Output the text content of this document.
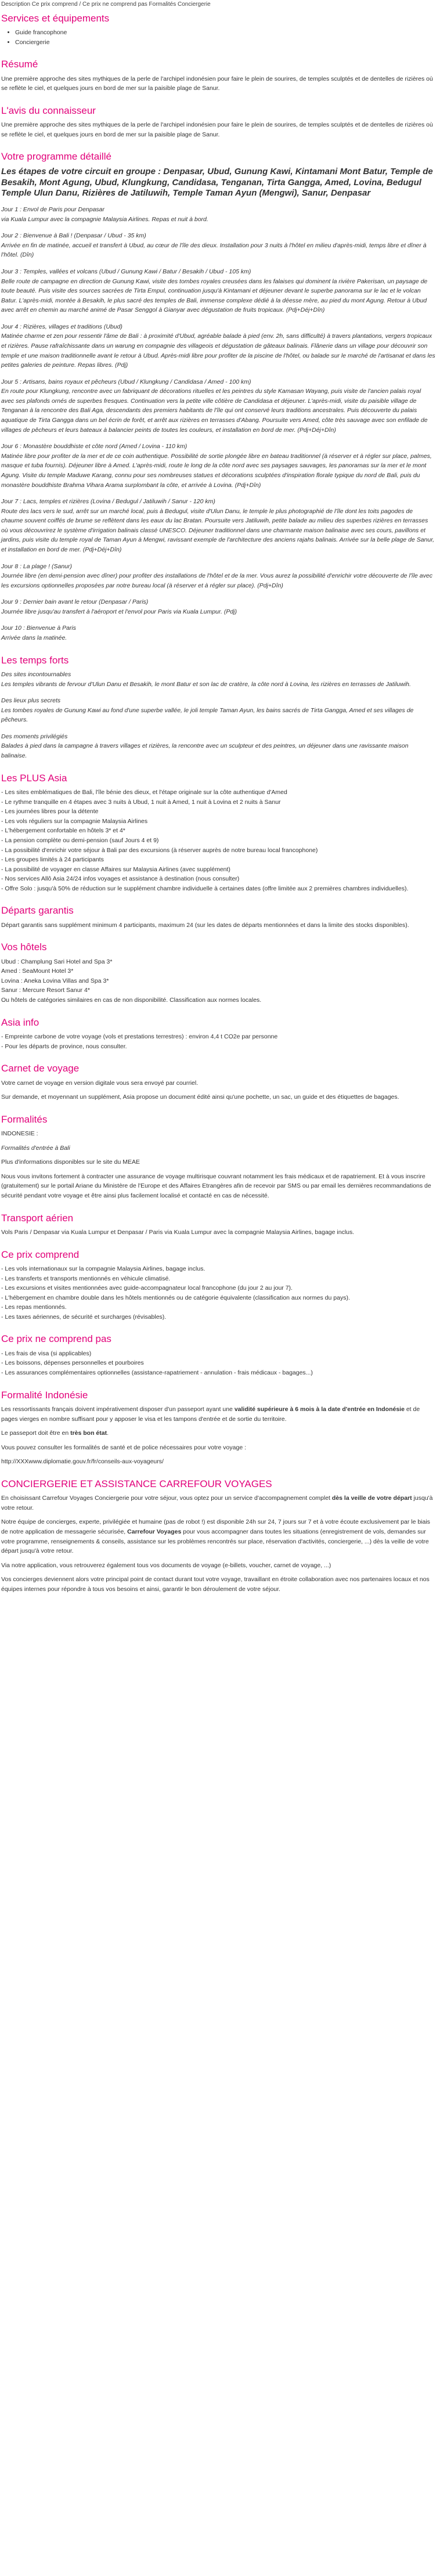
Description Ce prix comprend / Ce prix ne comprend pas Formalités Conciergerie
Services et équipements
• Guide francophone
• Conciergerie
Résumé

Une première approche des sites mythiques de la perle de l'archipel indonésien pour faire le plein de sourires, de temples sculptés et de dentelles de rizières où se reflète le ciel, et quelques jours en bord de mer sur la paisible plage de Sanur.

L'avis du connaisseur

Une première approche des sites mythiques de la perle de l'archipel indonésien pour faire le plein de sourires, de temples sculptés et de dentelles de rizières où se reflète le ciel, et quelques jours en bord de mer sur la paisible plage de Sanur.

Votre programme détaillé
Les étapes de votre circuit en groupe : Denpasar, Ubud, Gunung Kawi, Kintamani Mont Batur, Temple de Besakih, Mont Agung, Ubud, Klungkung, Candidasa, Tenganan, Tirta Gangga, Amed, Lovina, Bedugul Temple Ulun Danu, Rizières de Jatiluwih, Temple Taman Ayun (Mengwi), Sanur, Denpasar
Jour 1 : Envol de Paris pour Denpasar
via Kuala Lumpur avec la compagnie Malaysia Airlines. Repas et nuit à bord.
Jour 2 : Bienvenue à Bali ! (Denpasar / Ubud - 35 km)
Arrivée en fin de matinée, accueil et transfert à Ubud, au cœur de l'île des dieux. Installation pour 3 nuits à l'hôtel en milieu d'après-midi, temps libre et dîner à l'hôtel. (Dîn)
Jour 3 : Temples, vallées et volcans (Ubud / Gunung Kawi / Batur / Besakih / Ubud - 105 km)
Belle route de campagne en direction de Gunung Kawi, visite des tombes royales creusées dans les falaises qui dominent la rivière Pakerisan, un paysage de toute beauté. Puis visite des sources sacrées de Tirta Empul, continuation jusqu'à Kintamani et déjeuner devant le superbe panorama sur le lac et le volcan Batur. L'après-midi, montée à Besakih, le plus sacré des temples de Bali, immense complexe dédié à la déesse mère, au pied du mont Agung. Retour à Ubud avec arrêt en chemin au marché animé de Pasar Senggol à Gianyar avec dégustation de fruits tropicaux. (Pdj+Déj+Dîn)
Jour 4 : Rizières, villages et traditions (Ubud)
Matinée charme et zen pour ressentir l'âme de Bali : à proximité d'Ubud, agréable balade à pied (env. 2h, sans difficulté) à travers plantations, vergers tropicaux et rizières. Pause rafraîchissante dans un warung en compagnie des villageois et dégustation de gâteaux balinais. Flânerie dans un village pour découvrir son temple et une maison traditionnelle avant le retour à Ubud. Après-midi libre pour profiter de la piscine de l'hôtel, ou balade sur le marché de l'artisanat et dans les petites galeries de peinture. Repas libres. (Pdj)
Jour 5 : Artisans, bains royaux et pêcheurs (Ubud / Klungkung / Candidasa / Amed - 100 km)
En route pour Klungkung, rencontre avec un fabriquant de décorations rituelles et les peintres du style Kamasan Wayang, puis visite de l'ancien palais royal avec ses plafonds ornés de superbes fresques. Continuation vers la petite ville côtière de Candidasa et déjeuner. L'après-midi, visite du paisible village de Tenganan à la rencontre des Bali Aga, descendants des premiers habitants de l'île qui ont conservé leurs traditions ancestrales. Puis découverte du palais aquatique de Tirta Gangga dans un bel écrin de forêt, et arrêt aux rizières en terrasses d'Abang. Poursuite vers Amed, côte très sauvage avec son enfilade de villages de pêcheurs et leurs bateaux à balancier peints de toutes les couleurs, et installation en bord de mer. (Pdj+Déj+Dîn)
Jour 6 : Monastère bouddhiste et côte nord (Amed / Lovina - 110 km)
Matinée libre pour profiter de la mer et de ce coin authentique. Possibilité de sortie plongée libre en bateau traditionnel (à réserver et à régler sur place, palmes, masque et tuba fournis). Déjeuner libre à Amed. L'après-midi, route le long de la côte nord avec ses paysages sauvages, les panoramas sur la mer et le mont Agung. Visite du temple Maduwe Karang, connu pour ses nombreuses statues et décorations sculptées d'inspiration florale typique du nord de Bali, puis du monastère bouddhiste Brahma Vihara Arama surplombant la côte, et arrivée à Lovina. (Pdj+Dîn)
Jour 7 : Lacs, temples et rizières (Lovina / Bedugul / Jatiluwih / Sanur - 120 km)
Route des lacs vers le sud, arrêt sur un marché local, puis à Bedugul, visite d'Ulun Danu, le temple le plus photographié de l'île dont les toits pagodes de chaume souvent coiffés de brume se reflètent dans les eaux du lac Bratan. Poursuite vers Jatiluwih, petite balade au milieu des superbes rizières en terrasses où vous découvrirez le système d'irrigation balinais classé UNESCO. Déjeuner traditionnel dans une charmante maison balinaise avec ses cours, pavillons et jardins, puis visite du temple royal de Taman Ayun à Mengwi, ravissant exemple de l'architecture des anciens rajahs balinais. Arrivée sur la belle plage de Sanur, et installation en bord de mer. (Pdj+Déj+Dîn)
Jour 8 : La plage ! (Sanur)
Journée libre (en demi-pension avec dîner) pour profiter des installations de l'hôtel et de la mer. Vous aurez la possibilité d'enrichir votre découverte de l'île avec les excursions optionnelles proposées par notre bureau local (à réserver et à régler sur place). (Pdj+Dîn)
Jour 9 : Dernier bain avant le retour (Denpasar / Paris)
Journée libre jusqu'au transfert à l'aéroport et l'envol pour Paris via Kuala Lumpur. (Pdj)
Jour 10 : Bienvenue à Paris
Arrivée dans la matinée.
Les temps forts
Des sites incontournables
Les temples vibrants de fervour d'Ulun Danu et Besakih, le mont Batur et son lac de cratère, la côte nord à Lovina, les rizières en terrasses de Jatiluwih.
Des lieux plus secrets
Les tombes royales de Gunung Kawi au fond d'une superbe vallée, le joli temple Taman Ayun, les bains sacrés de Tirta Gangga, Amed et ses villages de pêcheurs.
Des moments privilégiés
Balades à pied dans la campagne à travers villages et rizières, la rencontre avec un sculpteur et des peintres, un déjeuner dans une ravissante maison balinaise.
Les PLUS Asia
- Les sites emblématiques de Bali, l'île bénie des dieux, et l'étape originale sur la côte authentique d'Amed
- Le rythme tranquille en 4 étapes avec 3 nuits à Ubud, 1 nuit à Amed, 1 nuit à Lovina et 2 nuits à Sanur
- Les journées libres pour la détente
- Les vols réguliers sur la compagnie Malaysia Airlines
- L'hébergement confortable en hôtels 3* et 4*
- La pension complète ou demi-pension (sauf Jours 4 et 9)
- La possibilité d'enrichir votre séjour à Bali par des excursions (à réserver auprès de notre bureau local francophone)
- Les groupes limités à 24 participants
- La possibilité de voyager en classe Affaires sur Malaysia Airlines (avec supplément)
- Nos services Allô Asia 24/24 infos voyages et assistance à destination (nous consulter)
- Offre Solo : jusqu'à 50% de réduction sur le supplément chambre individuelle à certaines dates (offre limitée aux 2 premières chambres individuelles).
Départs garantis

Départ garantis sans supplément minimum 4 participants, maximum 24 (sur les dates de départs mentionnées et dans la limite des stocks disponibles).

Vos hôtels
Ubud : Champlung Sari Hotel and Spa 3*
Amed : SeaMount Hotel 3*
Lovina : Aneka Lovina Villas and Spa 3*
Sanur : Mercure Resort Sanur 4*
Ou hôtels de catégories similaires en cas de non disponibilité. Classification aux normes locales.
Asia info
- Empreinte carbone de votre voyage (vols et prestations terrestres) : environ 4,4 t CO2e par personne
- Pour les départs de province, nous consulter.
Carnet de voyage

Votre carnet de voyage en version digitale vous sera envoyé par courriel.

Sur demande, et moyennant un supplément, Asia propose un document édité ainsi qu'une pochette, un sac, un guide et des étiquettes de bagages.

Formalités

INDONESIE :

Formalités d'entrée à Bali

Plus d'informations disponibles sur le site du MEAE

Nous vous invitons fortement à contracter une assurance de voyage multirisque couvrant notamment les frais médicaux et de rapatriement. Et à vous inscrire (gratuitement) sur le portail Ariane du Ministère de l'Europe et des Affaires Etrangères afin de recevoir par SMS ou par email les dernières recommandations de sécurité pendant votre voyage et être ainsi plus facilement localisé et contacté en cas de nécessité.

Transport aérien

Vols Paris / Denpasar via Kuala Lumpur et Denpasar / Paris via Kuala Lumpur avec la compagnie Malaysia Airlines, bagage inclus.

Ce prix comprend
- Les vols internationaux sur la compagnie Malaysia Airlines, bagage inclus.
- Les transferts et transports mentionnés en véhicule climatisé.
- Les excursions et visites mentionnées avec guide-accompagnateur local francophone (du jour 2 au jour 7).
- L'hébergement en chambre double dans les hôtels mentionnés ou de catégorie équivalente (classification aux normes du pays).
- Les repas mentionnés.
- Les taxes aériennes, de sécurité et surcharges (révisables).
Ce prix ne comprend pas
- Les frais de visa (si applicables)
- Les boissons, dépenses personnelles et pourboires
- Les assurances complémentaires optionnelles (assistance-rapatriement - annulation - frais médicaux - bagages...)
Formalité Indonésie

Les ressortissants français doivent impérativement disposer d'un passeport ayant une validité supérieure à 6 mois à la date d'entrée en Indonésie et de pages vierges en nombre suffisant pour y apposer le visa et les tampons d'entrée et de sortie du territoire.

Le passeport doit être en très bon état.

Vous pouvez consulter les formalités de santé et de police nécessaires pour votre voyage :

http://XXXwww.diplomatie.gouv.fr/fr/conseils-aux-voyageurs/

CONCIERGERIE ET ASSISTANCE CARREFOUR VOYAGES

En choisissant Carrefour Voyages Conciergerie pour votre séjour, vous optez pour un service d'accompagnement complet dès la veille de votre départ jusqu'à votre retour.

Notre équipe de concierges, experte, privilégiée et humaine (pas de robot !) est disponible 24h sur 24, 7 jours sur 7 et à votre écoute exclusivement par le biais de notre application de messagerie sécurisée, Carrefour Voyages pour vous accompagner dans toutes les situations (enregistrement de vols, demandes sur votre programme, renseignements & conseils, assistance sur les problèmes rencontrés sur place, réservation d'activités, conciergerie, ...) dès la veille de votre départ jusqu'à votre retour.

Via notre application, vous retrouverez également tous vos documents de voyage (e-billets, voucher, carnet de voyage, ...)

Vos concierges deviennent alors votre principal point de contact durant tout votre voyage, travaillant en étroite collaboration avec nos partenaires locaux et nos équipes internes pour répondre à tous vos besoins et ainsi, garantir le bon déroulement de votre séjour.
